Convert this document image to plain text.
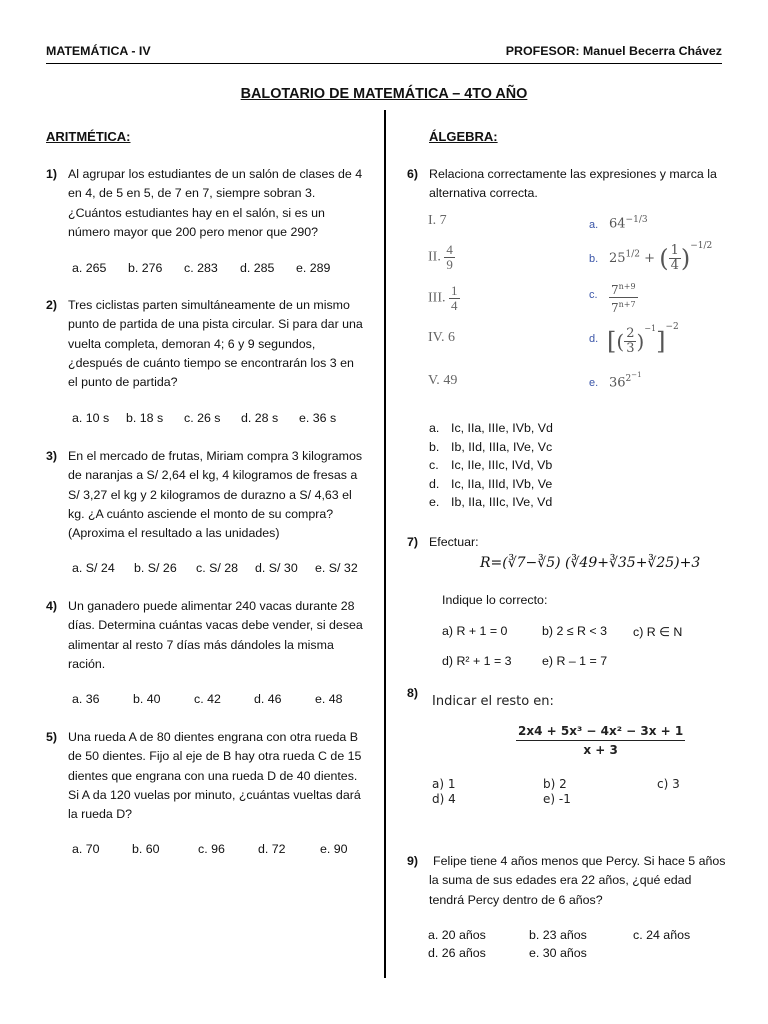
MATEMÁTICA - IV	PROFESOR: Manuel Becerra Chávez
BALOTARIO DE MATEMÁTICA – 4TO AÑO
ARITMÉTICA:	ÁLGEBRA:
1) Al agrupar los estudiantes de un salón de clases de 4 en 4, de 5 en 5, de 7 en 7, siempre sobran 3. ¿Cuántos estudiantes hay en el salón, si es un número mayor que 200 pero menor que 290?
a. 265	b. 276	c. 283	d. 285	e. 289
2) Tres ciclistas parten simultáneamente de un mismo punto de partida de una pista circular. Si para dar una vuelta completa, demoran 4; 6 y 9 segundos, ¿después de cuánto tiempo se encontrarán los 3 en el punto de partida?
a. 10 s	b. 18 s	c. 26 s	d. 28 s	e. 36 s
3) En el mercado de frutas, Miriam compra 3 kilogramos de naranjas a S/ 2,64 el kg, 4 kilogramos de fresas a S/ 3,27 el kg y 2 kilogramos de durazno a S/ 4,63 el kg. ¿A cuánto asciende el monto de su compra? (Aproxima el resultado a las unidades)
a. S/ 24	b. S/ 26	c. S/ 28	d. S/ 30	e. S/ 32
4) Un ganadero puede alimentar 240 vacas durante 28 días. Determina cuántas vacas debe vender, si desea alimentar al resto 7 días más dándoles la misma ración.
a. 36	b. 40	c. 42	d. 46	e. 48
5) Una rueda A de 80 dientes engrana con otra rueda B de 50 dientes. Fijo al eje de B hay otra rueda C de 15 dientes que engrana con una rueda D de 40 dientes. Si A da 120 vuelas por minuto, ¿cuántas vueltas dará la rueda D?
a. 70	b. 60	c. 96	d. 72	e. 90
6) Relaciona correctamente las expresiones y marca la alternativa correcta.
I. 7
II. $\frac{4}{9}$
III. $\frac{1}{4}$
IV. 6
V. 49
a. $64^{-1/3}$
b. $25^{1/2}$ + ( $\frac{1}{4} )^{-1/2}$
c. $\frac{7^{n+9}}{7^{n+7}}$
d. [( $\frac{2}{3} )^{-1}]^{-2}$
e. $36^{2^{-1}}$
a. Ic, IIa, IIIe, IVb, Vd
b. Ib, IId, IIIa, IVe, Vc
c. Ic, IIe, IIIc, IVd, Vb
d. Ic, IIa, IIId, IVb, Ve
e. Ib, IIa, IIIc, IVe, Vd
7) Efectuar:
R=(∛7−∛5) (∛49+∛35+∛25)+3
Indique lo correcto:
a) R + 1 = 0	b) 2 ≤ R < 3	c) R ∈ N
d) R² + 1 = 3	e) R – 1 = 7
8)
Indicar el resto en:
$\frac{\text{2x4 + 5x³ − 4x² − 3x + 1}}{x + 3}$
a) 1	b) 2	c) 3
d) 4	e) -1
9)	Felipe tiene 4 años menos que Percy. Si hace 5 años la suma de sus edades era 22 años, ¿qué edad tendrá Percy dentro de 6 años?
a. 20 años	b. 23 años	c. 24 años
d. 26 años	e. 30 años
